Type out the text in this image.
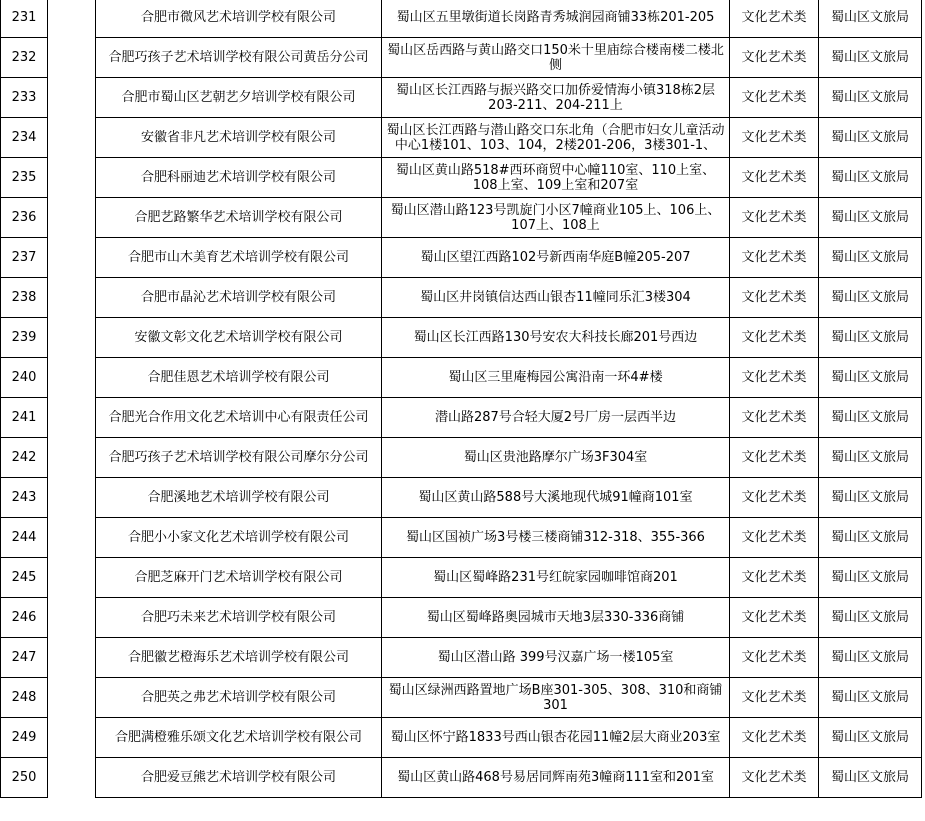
231		合肥市微风艺术培训学校有限公司	蜀山区五里墩街道长岗路青秀城润园商铺33栋201-205	文化艺术类	蜀山区文旅局

232		合肥巧孩子艺术培训学校有限公司黄岳分公司	蜀山区岳西路与黄山路交口150米十里庙综合楼南楼二楼北侧	文化艺术类	蜀山区文旅局

233		合肥市蜀山区艺朝艺夕培训学校有限公司	蜀山区长江西路与振兴路交口加侨爱情海小镇318栋2层203-211、204-211上	文化艺术类	蜀山区文旅局

234		安徽省非凡艺术培训学校有限公司	蜀山区长江西路与潜山路交口东北角（合肥市妇女儿童活动中心1楼101、103、104，2楼201-206，3楼301-1、	文化艺术类	蜀山区文旅局

235		合肥科丽迪艺术培训学校有限公司	蜀山区黄山路518#西环商贸中心幢110室、110上室、108上室、109上室和207室	文化艺术类	蜀山区文旅局

236		合肥艺路繁华艺术培训学校有限公司	蜀山区潜山路123号凯旋门小区7幢商业105上、106上、107上、108上	文化艺术类	蜀山区文旅局

237		合肥市山木美育艺术培训学校有限公司	蜀山区望江西路102号新西南华庭B幢205-207	文化艺术类	蜀山区文旅局

238		合肥市晶沁艺术培训学校有限公司	蜀山区井岗镇信达西山银杏11幢同乐汇3楼304	文化艺术类	蜀山区文旅局

239		安徽文彰文化艺术培训学校有限公司	蜀山区长江西路130号安农大科技长廊201号西边	文化艺术类	蜀山区文旅局

240		合肥佳恩艺术培训学校有限公司	蜀山区三里庵梅园公寓沿南一环4#楼	文化艺术类	蜀山区文旅局

241		合肥光合作用文化艺术培训中心有限责任公司	潜山路287号合轻大厦2号厂房一层西半边	文化艺术类	蜀山区文旅局

242		合肥巧孩子艺术培训学校有限公司摩尔分公司	蜀山区贵池路摩尔广场3F304室	文化艺术类	蜀山区文旅局

243		合肥溪地艺术培训学校有限公司	蜀山区黄山路588号大溪地现代城91幢商101室	文化艺术类	蜀山区文旅局

244		合肥小小家文化艺术培训学校有限公司	蜀山区国祯广场3号楼三楼商铺312-318、355-366	文化艺术类	蜀山区文旅局

245		合肥芝麻开门艺术培训学校有限公司	蜀山区蜀峰路231号红皖家园咖啡馆商201	文化艺术类	蜀山区文旅局

246		合肥巧未来艺术培训学校有限公司	蜀山区蜀峰路奥园城市天地3层330-336商铺	文化艺术类	蜀山区文旅局

247		合肥徽艺橙海乐艺术培训学校有限公司	蜀山区潜山路 399号汉嘉广场一楼105室	文化艺术类	蜀山区文旅局

248		合肥英之弗艺术培训学校有限公司	蜀山区绿洲西路置地广场B座301-305、308、310和商铺301	文化艺术类	蜀山区文旅局

249		合肥满橙雅乐颂文化艺术培训学校有限公司	蜀山区怀宁路1833号西山银杏花园11幢2层大商业203室	文化艺术类	蜀山区文旅局

250		合肥爱豆熊艺术培训学校有限公司	蜀山区黄山路468号易居同辉南苑3幢商111室和201室	文化艺术类	蜀山区文旅局
